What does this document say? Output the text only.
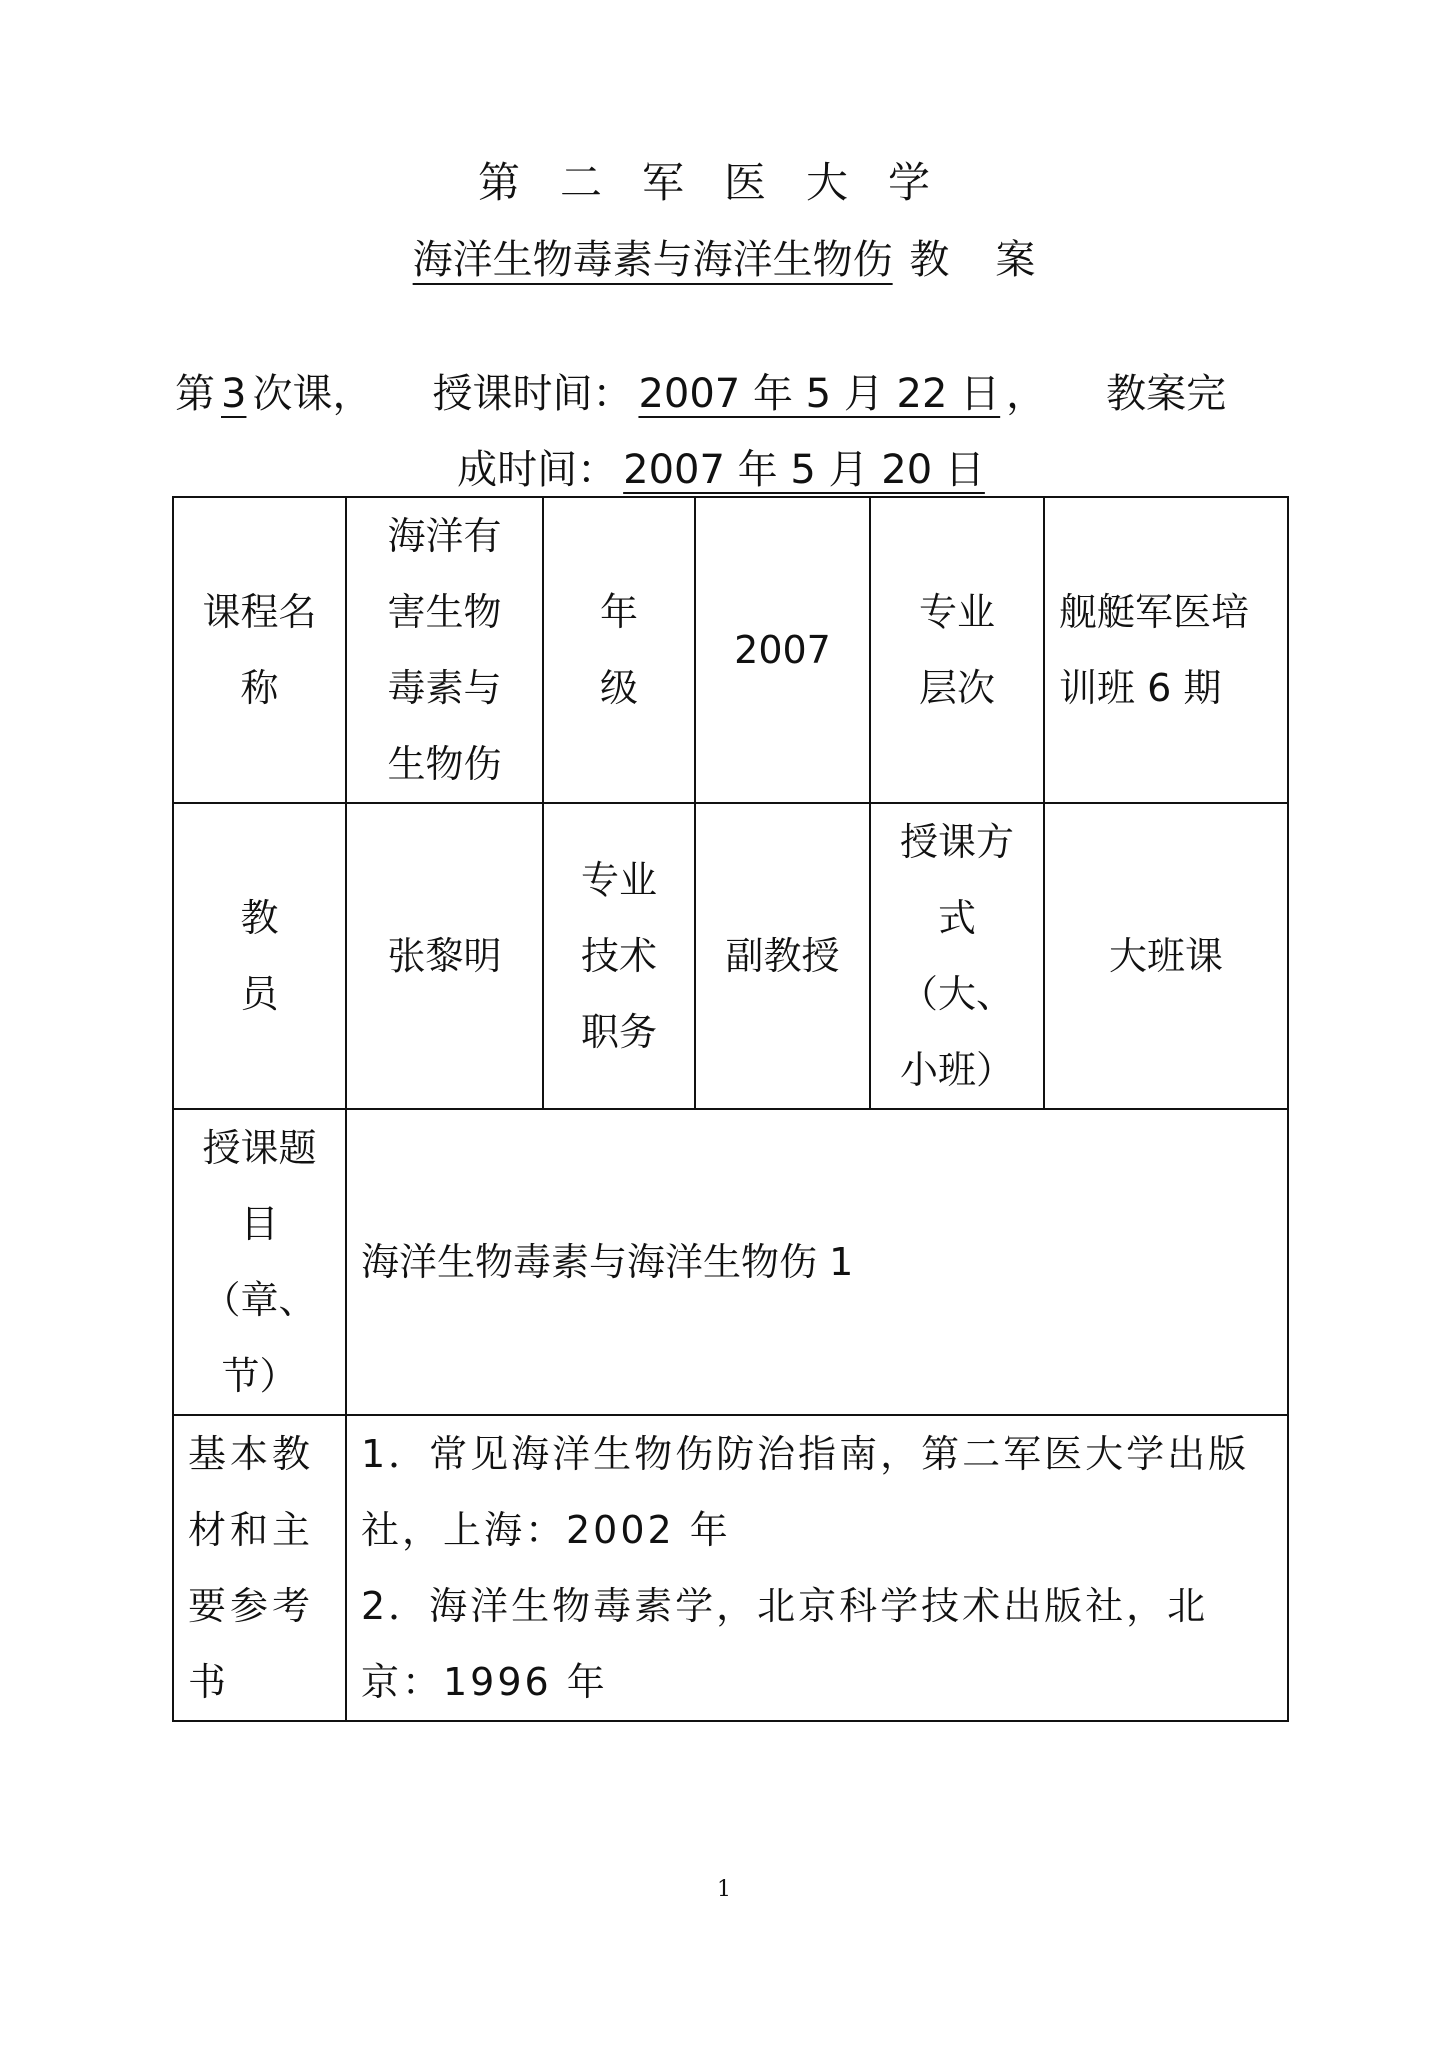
第二军医大学
海洋生物毒素与海洋生物伤 教 案
第 3 次课， 授课时间： 2007 年 5 月 22 日 ， 教案完
成时间： 2007 年 5 月 20 日
课程名称	海洋有害生物毒素与生物伤	年级	2007	专业层次	舰艇军医培训班 6 期
教员	张黎明	专业技术职务	副教授	授课方式（大、小班）	大班课
授课题目（章、节）	海洋生物毒素与海洋生物伤 1				
基本教材和主要参考书	1．常见海洋生物伤防治指南，第二军医大学出版社，上海：2002 年
2．海洋生物毒素学，北京科学技术出版社，北京：1996 年				
1
